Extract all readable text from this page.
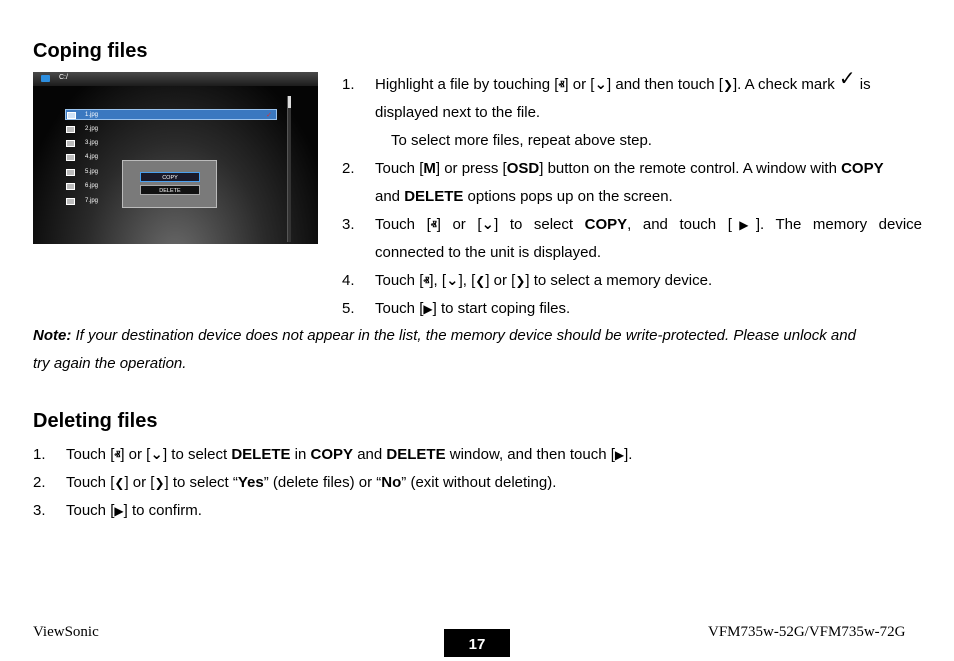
Coping files
C:/
1.jpg	✓
2.jpg
3.jpg
4.jpg
5.jpg
6.jpg
7.jpg
COPY
DELETE
1. Highlight a file by touching [ⱏ] or [⌄] and then touch [❯]. A check mark ✓ is
displayed next to the file.
To select more files, repeat above step.
2. Touch [M] or press [OSD] button on the remote control. A window with COPY
and DELETE options pops up on the screen.
3. Touch [ⱏ] or [⌄] to select COPY, and touch [▶]. The memory device
connected to the unit is displayed.
4. Touch [ⱏ], [⌄], [❮] or [❯] to select a memory device.
5. Touch [▶] to start coping files.
Note: If your destination device does not appear in the list, the memory device should be write-protected. Please unlock and
try again the operation.
Deleting files
1. Touch [ⱏ] or [⌄] to select DELETE in COPY and DELETE window, and then touch [▶].
2. Touch [❮] or [❯] to select “Yes” (delete files) or “No” (exit without deleting).
3. Touch [▶] to confirm.
ViewSonic
17
VFM735w-52G/VFM735w-72G
